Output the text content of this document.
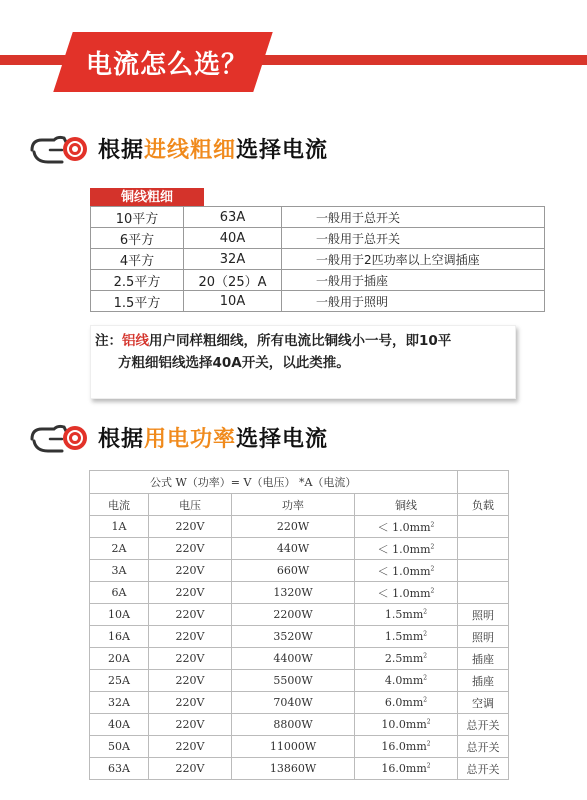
电流怎么选？
根据进线粗细选择电流
铜线粗细
10平方	63A	一般用于总开关
6平方	40A	一般用于总开关
4平方	32A	一般用于2匹功率以上空调插座
2.5平方	20（25）A	一般用于插座
1.5平方	10A	一般用于照明
注：铝线用户同样粗细线，所有电流比铜线小一号，即10平
方粗细铝线选择40A开关，以此类推。
根据用电功率选择电流
公式 W（功率）= V（电压） *A（电流）				
电流	电压	功率	铜线	负载
1A	220V	220W	＜ $1.0mm^2$	
2A	220V	440W	＜ $1.0mm^2$	
3A	220V	660W	＜ $1.0mm^2$	
6A	220V	1320W	＜ $1.0mm^2$	
10A	220V	2200W	$1.5mm^2$	照明
16A	220V	3520W	$1.5mm^2$	照明
20A	220V	4400W	$2.5mm^2$	插座
25A	220V	5500W	$4.0mm^2$	插座
32A	220V	7040W	$6.0mm^2$	空调
40A	220V	8800W	$10.0mm^2$	总开关
50A	220V	11000W	$16.0mm^2$	总开关
63A	220V	13860W	$16.0mm^2$	总开关
